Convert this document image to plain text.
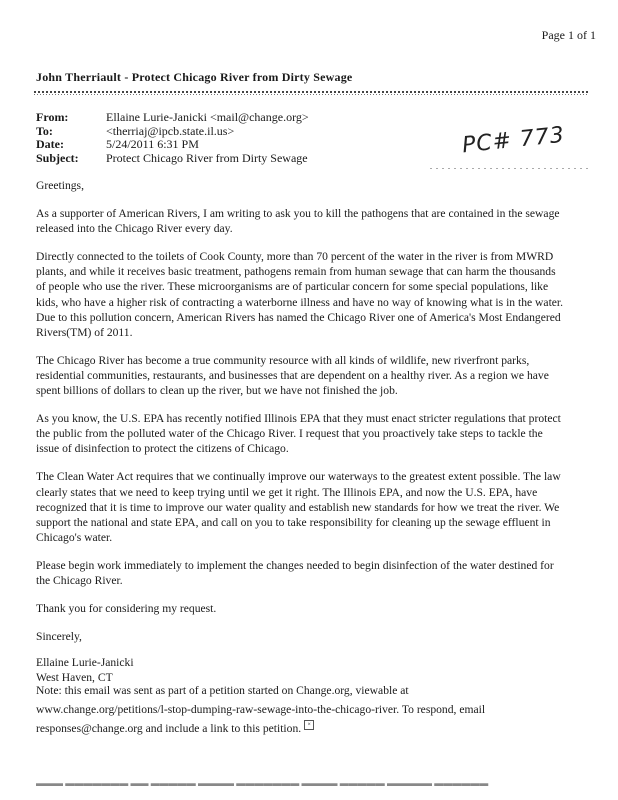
Page 1 of 1
John Therriault - Protect Chicago River from Dirty Sewage
From:	Ellaine Lurie-Janicki <mail@change.org>
To:	<therriaj@ipcb.state.il.us>
Date:	5/24/2011 6:31 PM
Subject:	Protect Chicago River from Dirty Sewage	PC# 773

Greetings,

As a supporter of American Rivers, I am writing to ask you to kill the pathogens that are contained in the sewage released into the Chicago River every day.

Directly connected to the toilets of Cook County, more than 70 percent of the water in the river is from MWRD plants, and while it receives basic treatment, pathogens remain from human sewage that can harm the thousands of people who use the river. These microorganisms are of particular concern for some special populations, like kids, who have a higher risk of contracting a waterborne illness and have no way of knowing what is in the water. Due to this pollution concern, American Rivers has named the Chicago River one of America's Most Endangered Rivers(TM) of 2011.

The Chicago River has become a true community resource with all kinds of wildlife, new riverfront parks, residential communities, restaurants, and businesses that are dependent on a healthy river. As a region we have spent billions of dollars to clean up the river, but we have not finished the job.

As you know, the U.S. EPA has recently notified Illinois EPA that they must enact stricter regulations that protect the public from the polluted water of the Chicago River. I request that you proactively take steps to tackle the issue of disinfection to protect the citizens of Chicago.

The Clean Water Act requires that we continually improve our waterways to the greatest extent possible. The law clearly states that we need to keep trying until we get it right. The Illinois EPA, and now the U.S. EPA, have recognized that it is time to improve our water quality and establish new standards for how we treat the river. We support the national and state EPA, and call on you to take responsibility for cleaning up the sewage effluent in Chicago's water.

Please begin work immediately to implement the changes needed to begin disinfection of the water destined for the Chicago River.

Thank you for considering my request.

Sincerely,

Ellaine Lurie-Janicki
West Haven, CT
Note: this email was sent as part of a petition started on Change.org, viewable at
www.change.org/petitions/l-stop-dumping-raw-sewage-into-the-chicago-river. To respond, email
responses@change.org and include a link to this petition. ×
▬▬▬ ▬▬▬▬▬▬▬ ▬▬ ▬▬▬▬▬ ▬▬▬▬ ▬▬▬▬▬▬▬ ▬▬▬▬ ▬▬▬▬▬ ▬▬▬▬▬ ▬▬▬▬▬▬
